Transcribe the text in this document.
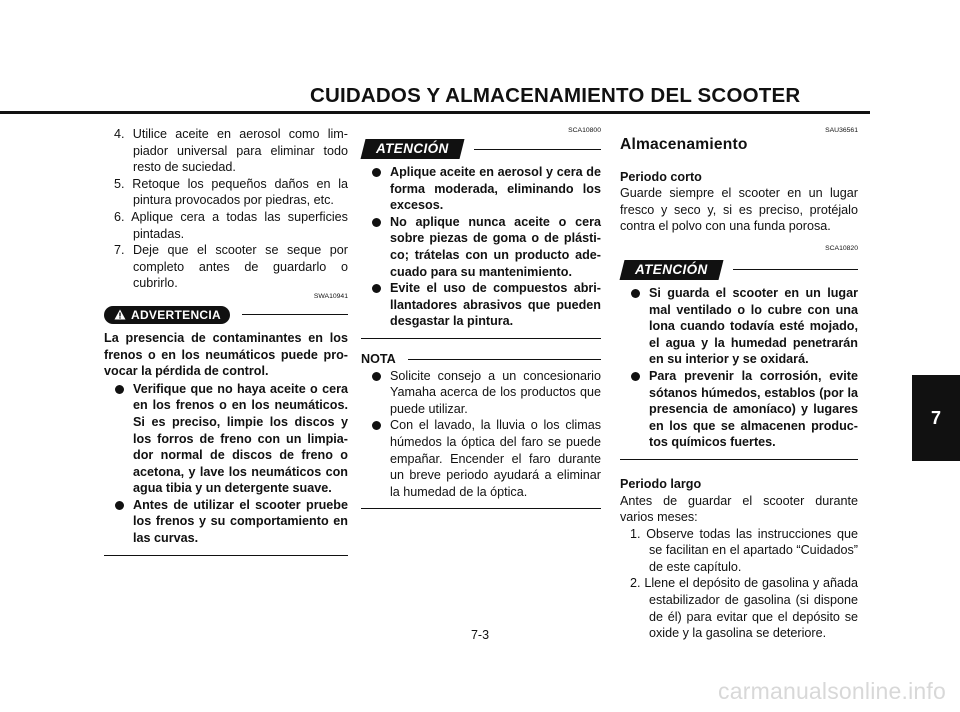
CUIDADOS Y ALMACENAMIENTO DEL SCOOTER
4. Utilice aceite en aerosol como limpiador universal para eliminar todo resto de suciedad.
5. Retoque los pequeños daños en la pintura provocados por piedras, etc.
6. Aplique cera a todas las superficies pintadas.
7. Deje que el scooter se seque por completo antes de guardarlo o cubrirlo.
SWA10941
ADVERTENCIA
La presencia de contaminantes en los frenos o en los neumáticos puede provocar la pérdida de control.
Verifique que no haya aceite o cera en los frenos o en los neumáticos. Si es preciso, limpie los discos y los forros de freno con un limpiador normal de discos de freno o acetona, y lave los neumáticos con agua tibia y un detergente suave.
Antes de utilizar el scooter pruebe los frenos y su comportamiento en las curvas.
SCA10800
ATENCIÓN
Aplique aceite en aerosol y cera de forma moderada, eliminando los excesos.
No aplique nunca aceite o cera sobre piezas de goma o de plástico; trátelas con un producto adecuado para su mantenimiento.
Evite el uso de compuestos abrillantadores abrasivos que pueden desgastar la pintura.
NOTA
Solicite consejo a un concesionario Yamaha acerca de los productos que puede utilizar.
Con el lavado, la lluvia o los climas húmedos la óptica del faro se puede empañar. Encender el faro durante un breve periodo ayudará a eliminar la humedad de la óptica.
SAU36561
Almacenamiento
Periodo corto
Guarde siempre el scooter en un lugar fresco y seco y, si es preciso, protéjalo contra el polvo con una funda porosa.
SCA10820
ATENCIÓN
Si guarda el scooter en un lugar mal ventilado o lo cubre con una lona cuando todavía esté mojado, el agua y la humedad penetrarán en su interior y se oxidará.
Para prevenir la corrosión, evite sótanos húmedos, establos (por la presencia de amoníaco) y lugares en los que se almacenen productos químicos fuertes.
Periodo largo
Antes de guardar el scooter durante varios meses:
1. Observe todas las instrucciones que se facilitan en el apartado “Cuidados” de este capítulo.
2. Llene el depósito de gasolina y añada estabilizador de gasolina (si dispone de él) para evitar que el depósito se oxide y la gasolina se deteriore.
7
7-3
carmanualsonline.info
